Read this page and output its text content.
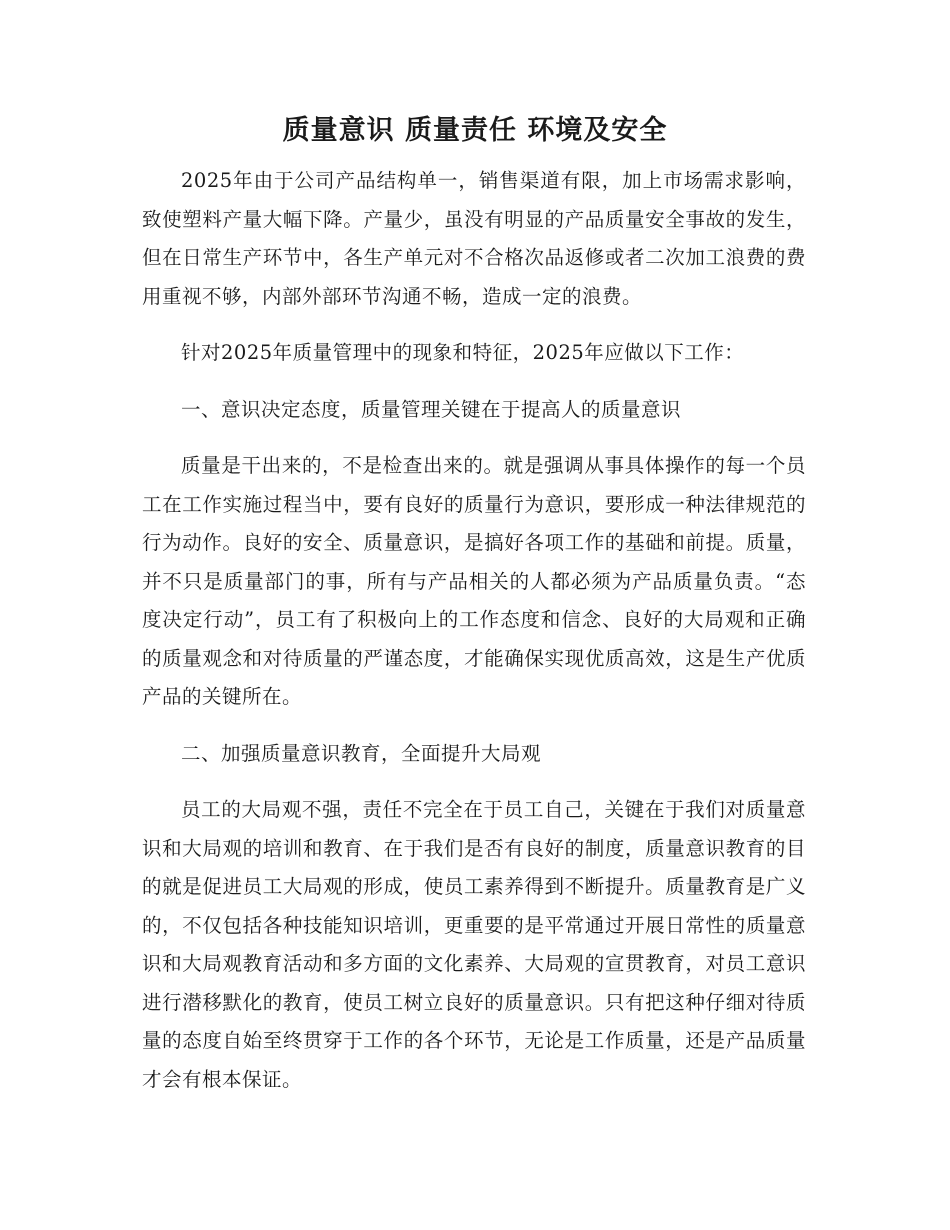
质量意识 质量责任 环境及安全

2025年由于公司产品结构单一，销售渠道有限，加上市场需求影响，致使塑料产量大幅下降。产量少，虽没有明显的产品质量安全事故的发生，但在日常生产环节中，各生产单元对不合格次品返修或者二次加工浪费的费用重视不够，内部外部环节沟通不畅，造成一定的浪费。

针对2025年质量管理中的现象和特征，2025年应做以下工作：

一、意识决定态度，质量管理关键在于提高人的质量意识

质量是干出来的，不是检查出来的。就是强调从事具体操作的每一个员工在工作实施过程当中，要有良好的质量行为意识，要形成一种法律规范的行为动作。良好的安全、质量意识，是搞好各项工作的基础和前提。质量，并不只是质量部门的事，所有与产品相关的人都必须为产品质量负责。“态度决定行动”，员工有了积极向上的工作态度和信念、良好的大局观和正确的质量观念和对待质量的严谨态度，才能确保实现优质高效，这是生产优质产品的关键所在。

二、加强质量意识教育，全面提升大局观

员工的大局观不强，责任不完全在于员工自己，关键在于我们对质量意识和大局观的培训和教育、在于我们是否有良好的制度，质量意识教育的目的就是促进员工大局观的形成，使员工素养得到不断提升。质量教育是广义的，不仅包括各种技能知识培训，更重要的是平常通过开展日常性的质量意识和大局观教育活动和多方面的文化素养、大局观的宣贯教育，对员工意识进行潜移默化的教育，使员工树立良好的质量意识。只有把这种仔细对待质量的态度自始至终贯穿于工作的各个环节，无论是工作质量，还是产品质量才会有根本保证。
